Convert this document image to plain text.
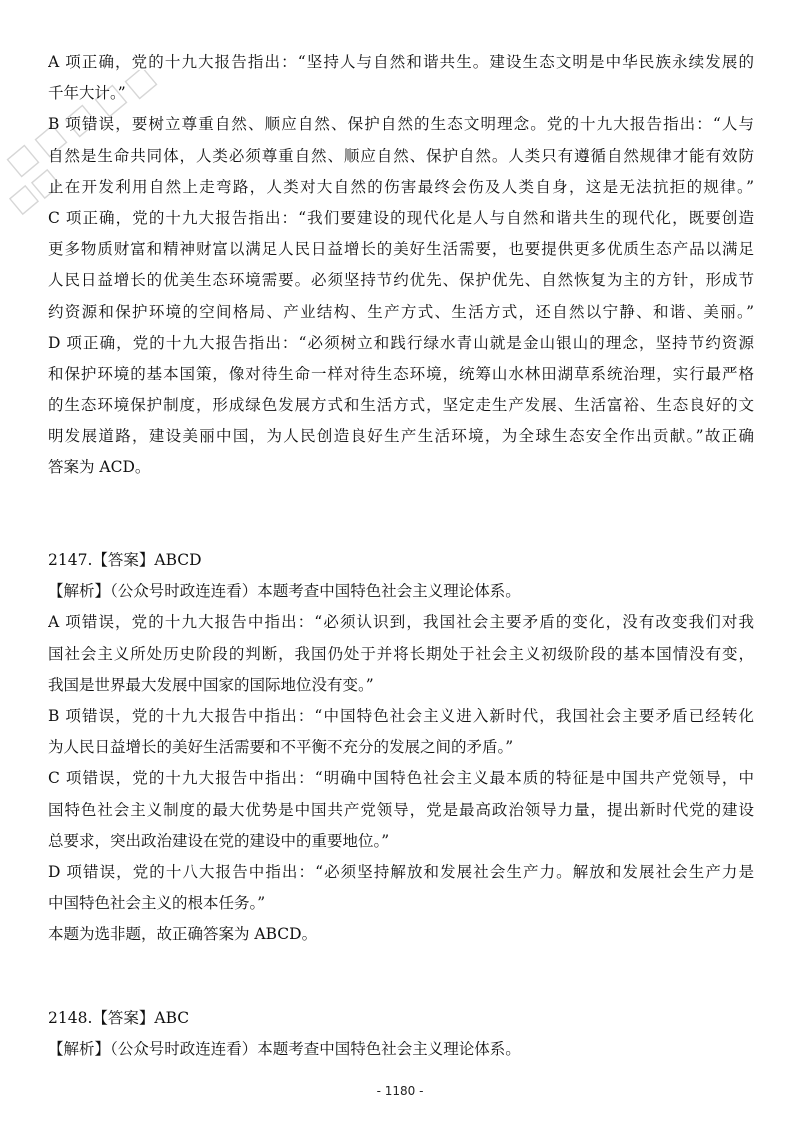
A 项正确，党的十九大报告指出：“坚持人与自然和谐共生。建设生态文明是中华民族永续发展的
千年大计。”
B 项错误，要树立尊重自然、顺应自然、保护自然的生态文明理念。党的十九大报告指出：“人与
自然是生命共同体，人类必须尊重自然、顺应自然、保护自然。人类只有遵循自然规律才能有效防
止在开发利用自然上走弯路，人类对大自然的伤害最终会伤及人类自身，这是无法抗拒的规律。”
C 项正确，党的十九大报告指出：“我们要建设的现代化是人与自然和谐共生的现代化，既要创造
更多物质财富和精神财富以满足人民日益增长的美好生活需要，也要提供更多优质生态产品以满足
人民日益增长的优美生态环境需要。必须坚持节约优先、保护优先、自然恢复为主的方针，形成节
约资源和保护环境的空间格局、产业结构、生产方式、生活方式，还自然以宁静、和谐、美丽。”
D 项正确，党的十九大报告指出：“必须树立和践行绿水青山就是金山银山的理念，坚持节约资源
和保护环境的基本国策，像对待生命一样对待生态环境，统筹山水林田湖草系统治理，实行最严格
的生态环境保护制度，形成绿色发展方式和生活方式，坚定走生产发展、生活富裕、生态良好的文
明发展道路，建设美丽中国，为人民创造良好生产生活环境，为全球生态安全作出贡献。”故正确
答案为 ACD。
2147.【答案】ABCD
【解析】（公众号时政连连看）本题考查中国特色社会主义理论体系。
A 项错误，党的十九大报告中指出：“必须认识到，我国社会主要矛盾的变化，没有改变我们对我
国社会主义所处历史阶段的判断，我国仍处于并将长期处于社会主义初级阶段的基本国情没有变，
我国是世界最大发展中国家的国际地位没有变。”
B 项错误，党的十九大报告中指出：“中国特色社会主义进入新时代，我国社会主要矛盾已经转化
为人民日益增长的美好生活需要和不平衡不充分的发展之间的矛盾。”
C 项错误，党的十九大报告中指出：“明确中国特色社会主义最本质的特征是中国共产党领导，中
国特色社会主义制度的最大优势是中国共产党领导，党是最高政治领导力量，提出新时代党的建设
总要求，突出政治建设在党的建设中的重要地位。”
D 项错误，党的十八大报告中指出：“必须坚持解放和发展社会生产力。解放和发展社会生产力是
中国特色社会主义的根本任务。”
本题为选非题，故正确答案为 ABCD。
2148.【答案】ABC
【解析】（公众号时政连连看）本题考查中国特色社会主义理论体系。
- 1180 -
